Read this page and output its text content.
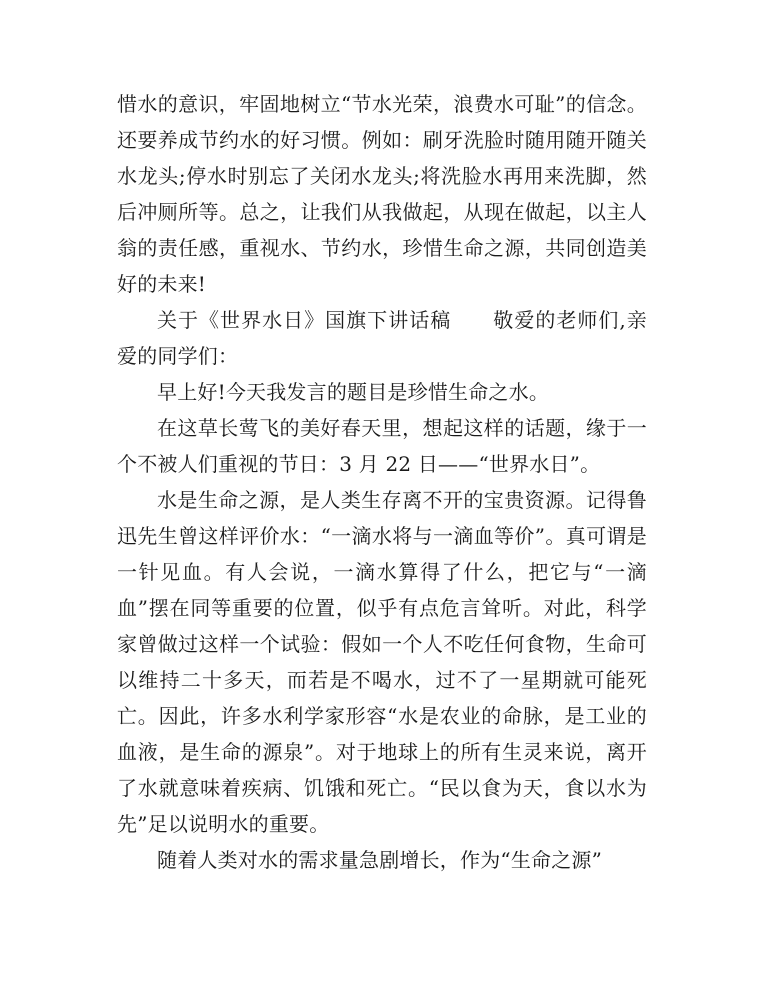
惜水的意识，牢固地树立“节水光荣，浪费水可耻”的信念。还要养成节约水的好习惯。例如：刷牙洗脸时随用随开随关水龙头;停水时别忘了关闭水龙头;将洗脸水再用来洗脚，然后冲厕所等。总之，让我们从我做起，从现在做起，以主人翁的责任感，重视水、节约水，珍惜生命之源，共同创造美好的未来!

关于《世界水日》国旗下讲话稿　　敬爱的老师们,亲爱的同学们：

早上好!今天我发言的题目是珍惜生命之水。

在这草长莺飞的美好春天里，想起这样的话题，缘于一个不被人们重视的节日：3 月 22 日——“世界水日”。

水是生命之源，是人类生存离不开的宝贵资源。记得鲁迅先生曾这样评价水：“一滴水将与一滴血等价”。真可谓是一针见血。有人会说，一滴水算得了什么，把它与“一滴血”摆在同等重要的位置，似乎有点危言耸听。对此，科学家曾做过这样一个试验：假如一个人不吃任何食物，生命可以维持二十多天，而若是不喝水，过不了一星期就可能死亡。因此，许多水利学家形容“水是农业的命脉，是工业的血液，是生命的源泉”。对于地球上的所有生灵来说，离开了水就意味着疾病、饥饿和死亡。“民以食为天，食以水为先”足以说明水的重要。

随着人类对水的需求量急剧增长，作为“生命之源”
